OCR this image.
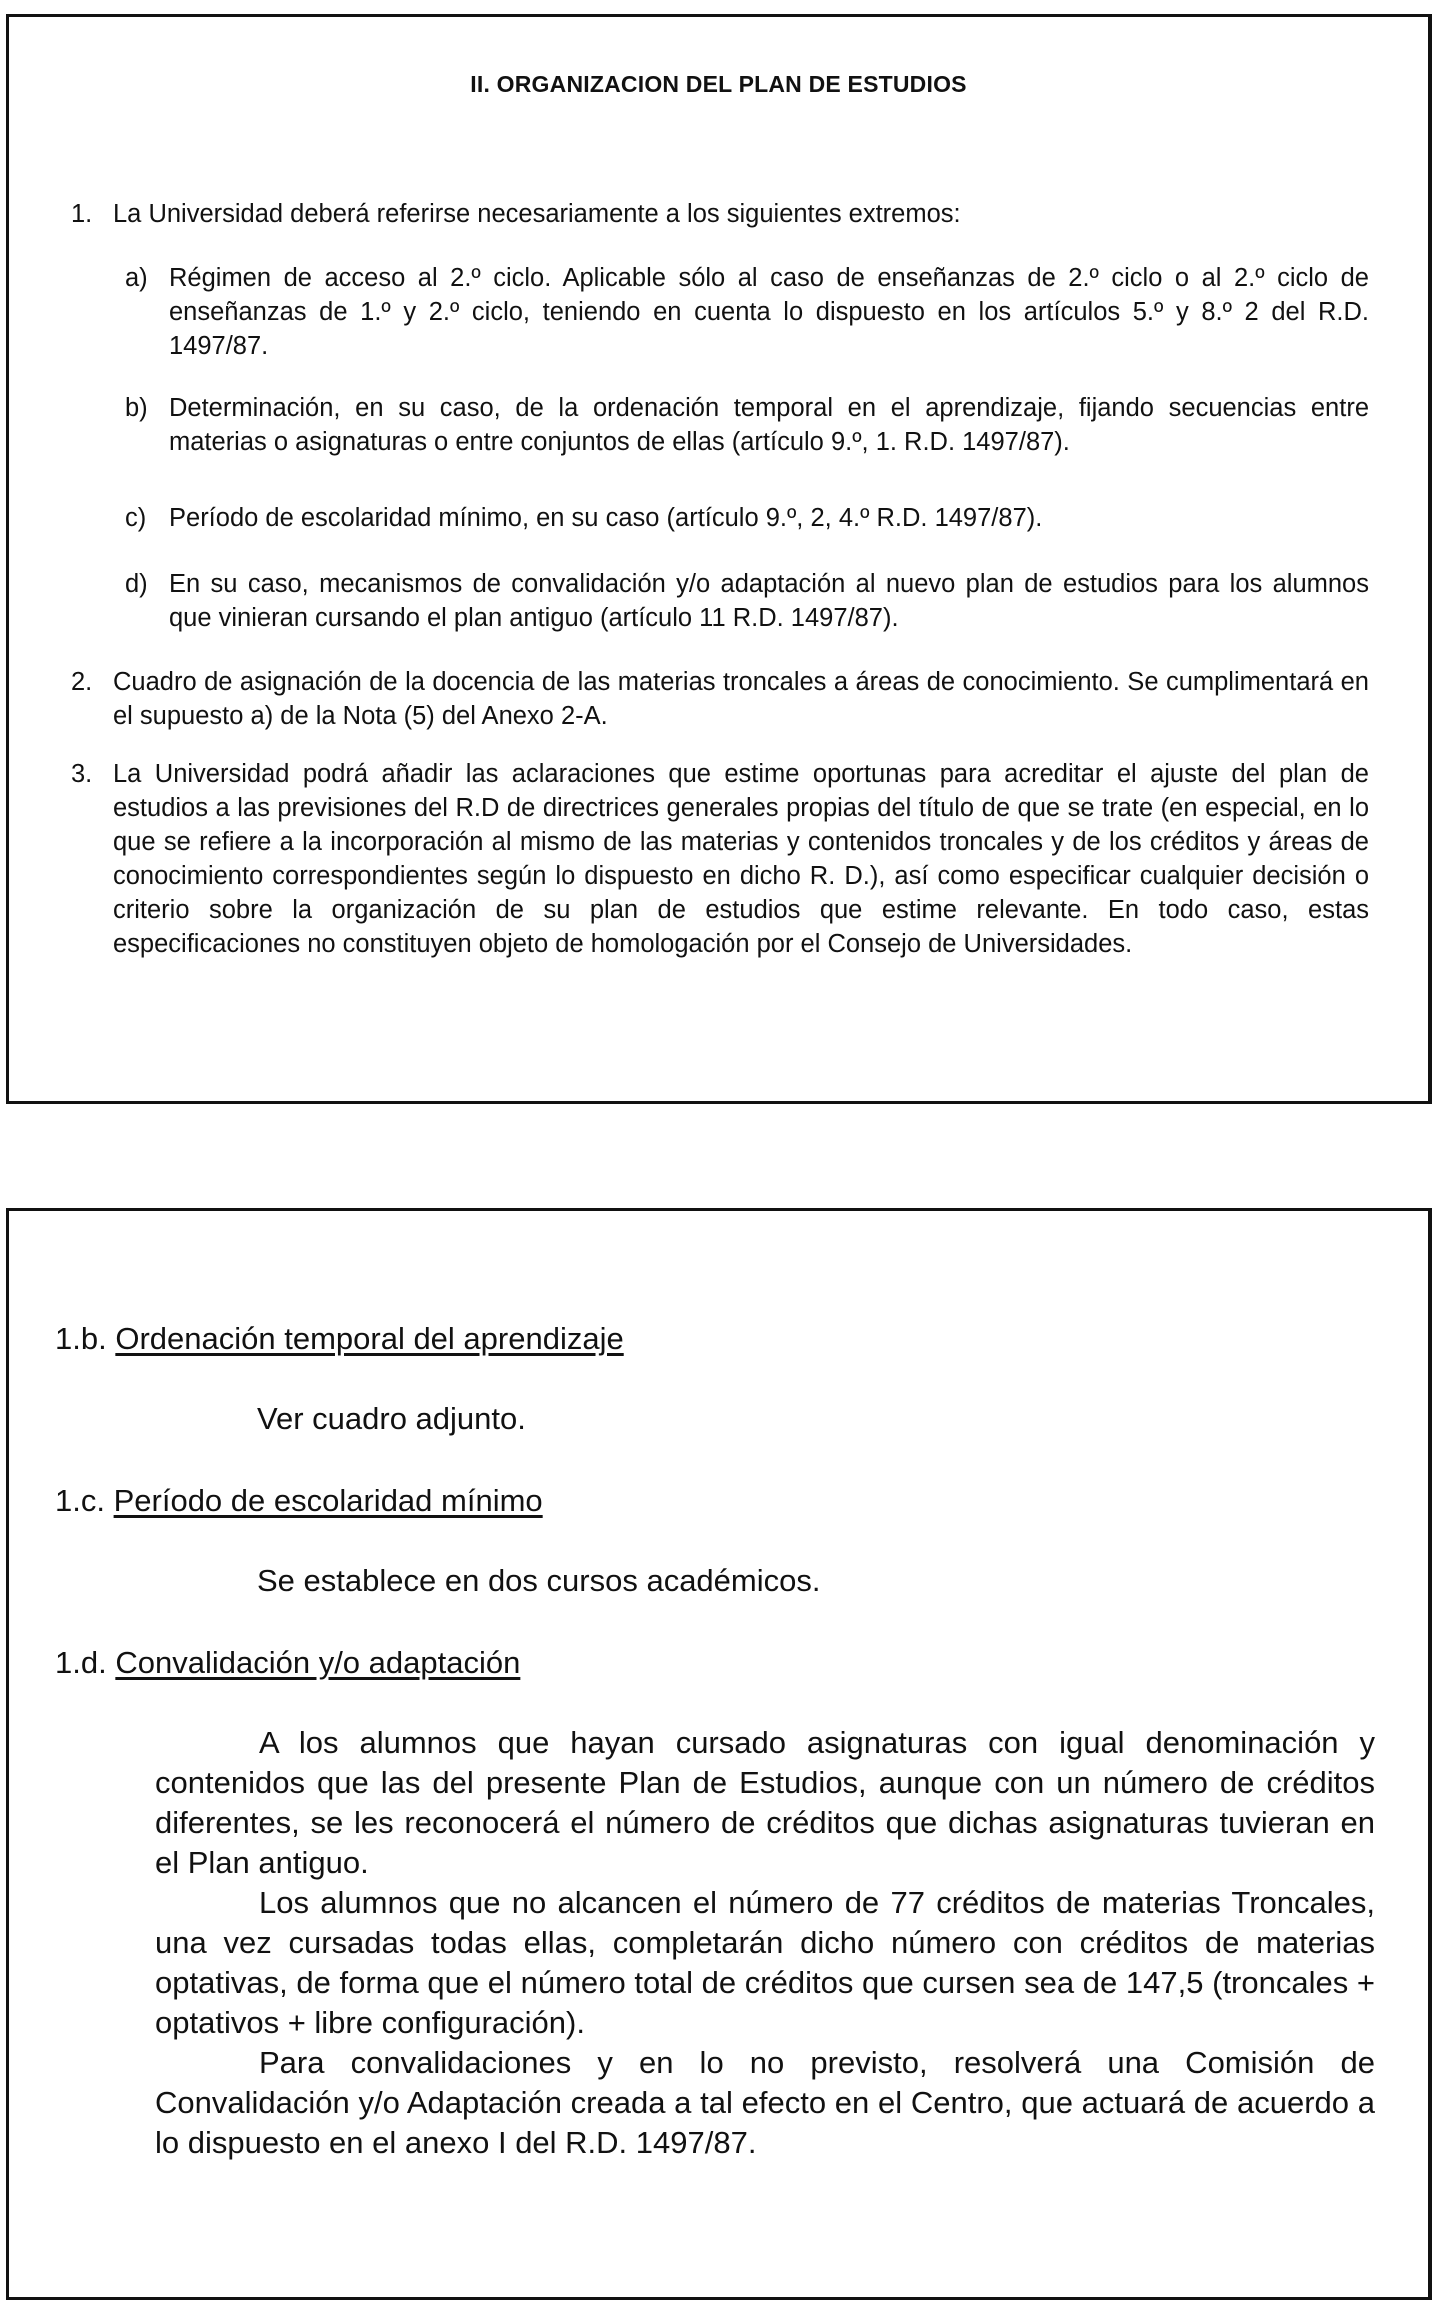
II. ORGANIZACION DEL PLAN DE ESTUDIOS
1. La Universidad deberá referirse necesariamente a los siguientes extremos:
a) Régimen de acceso al 2.º ciclo. Aplicable sólo al caso de enseñanzas de 2.º ciclo o al 2.º ciclo de enseñanzas de 1.º y 2.º ciclo, teniendo en cuenta lo dispuesto en los artículos 5.º y 8.º 2 del R.D. 1497/87.
b) Determinación, en su caso, de la ordenación temporal en el aprendizaje, fijando secuencias entre materias o asignaturas o entre conjuntos de ellas (artículo 9.º, 1. R.D. 1497/87).
c) Período de escolaridad mínimo, en su caso (artículo 9.º, 2, 4.º R.D. 1497/87).
d) En su caso, mecanismos de convalidación y/o adaptación al nuevo plan de estudios para los alumnos que vinieran cursando el plan antiguo (artículo 11 R.D. 1497/87).
2. Cuadro de asignación de la docencia de las materias troncales a áreas de conocimiento. Se cumplimentará en el supuesto a) de la Nota (5) del Anexo 2-A.
3. La Universidad podrá añadir las aclaraciones que estime oportunas para acreditar el ajuste del plan de estudios a las previsiones del R.D de directrices generales propias del título de que se trate (en especial, en lo que se refiere a la incorporación al mismo de las materias y contenidos troncales y de los créditos y áreas de conocimiento correspondientes según lo dispuesto en dicho R. D.), así como especificar cualquier decisión o criterio sobre la organización de su plan de estudios que estime relevante. En todo caso, estas especificaciones no constituyen objeto de homologación por el Consejo de Universidades.
1.b. Ordenación temporal del aprendizaje
Ver cuadro adjunto.
1.c. Período de escolaridad mínimo
Se establece en dos cursos académicos.
1.d. Convalidación y/o adaptación
A los alumnos que hayan cursado asignaturas con igual denominación y contenidos que las del presente Plan de Estudios, aunque con un número de créditos diferentes, se les reconocerá el número de créditos que dichas asignaturas tuvieran en el Plan antiguo.
Los alumnos que no alcancen el número de 77 créditos de materias Troncales, una vez cursadas todas ellas, completarán dicho número con créditos de materias optativas, de forma que el número total de créditos que cursen sea de 147,5 (troncales + optativos + libre configuración).
Para convalidaciones y en lo no previsto, resolverá una Comisión de Convalidación y/o Adaptación creada a tal efecto en el Centro, que actuará de acuerdo a lo dispuesto en el anexo I del R.D. 1497/87.
